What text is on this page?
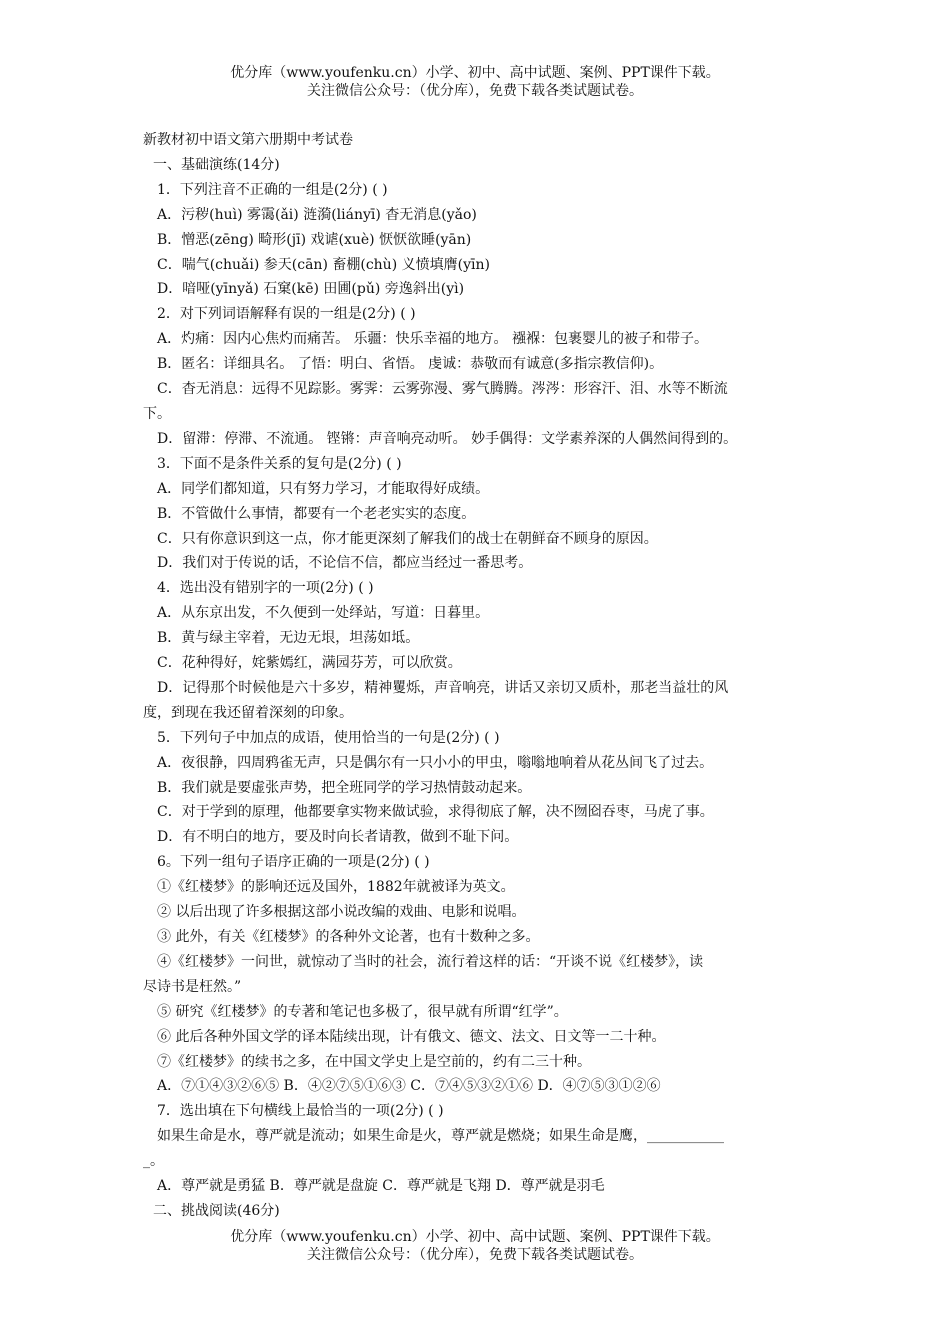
优分库（www.youfenku.cn）小学、初中、高中试题、案例、PPT课件下载。
关注微信公众号：（优分库），免费下载各类试题试卷。
新教材初中语文第六册期中考试卷
一、基础演练(14分)
1．下列注音不正确的一组是(2分) ( )
A．污秽(huì) 雾霭(ǎi) 涟漪(liányī) 杳无消息(yǎo)
B．憎恶(zēng) 畸形(jī) 戏谑(xuè) 恹恹欲睡(yān)
C．喘气(chuǎi) 参天(cān) 畜棚(chù) 义愤填膺(yīn)
D．喑哑(yīnyǎ) 石窠(kē) 田圃(pǔ) 旁逸斜出(yì)
2．对下列词语解释有误的一组是(2分) ( )
A．灼痛：因内心焦灼而痛苦。 乐疆：快乐幸福的地方。 襁褓：包裹婴儿的被子和带子。
B．匿名：详细具名。 了悟：明白、省悟。 虔诚：恭敬而有诚意(多指宗教信仰)。
C．杳无消息：远得不见踪影。雾霁：云雾弥漫、雾气腾腾。涔涔：形容汗、泪、水等不断流
下。
D．留滞：停滞、不流通。 铿锵：声音响亮动听。 妙手偶得：文学素养深的人偶然间得到的。
3．下面不是条件关系的复句是(2分) ( )
A．同学们都知道，只有努力学习，才能取得好成绩。
B．不管做什么事情，都要有一个老老实实的态度。
C．只有你意识到这一点，你才能更深刻了解我们的战士在朝鲜奋不顾身的原因。
D．我们对于传说的话，不论信不信，都应当经过一番思考。
4．选出没有错别字的一项(2分) ( )
A．从东京出发，不久便到一处绎站，写道：日暮里。
B．黄与绿主宰着，无边无垠，坦荡如坻。
C．花种得好，姹紫嫣红，满园芬芳，可以欣赏。
D．记得那个时候他是六十多岁，精神矍烁，声音响亮，讲话又亲切又质朴，那老当益壮的风
度，到现在我还留着深刻的印象。
5．下列句子中加点的成语，使用恰当的一句是(2分) ( )
A．夜很静，四周鸦雀无声，只是偶尔有一只小小的甲虫，嗡嗡地响着从花丛间飞了过去。
B．我们就是要虚张声势，把全班同学的学习热情鼓动起来。
C．对于学到的原理，他都要拿实物来做试验，求得彻底了解，决不囫囵吞枣，马虎了事。
D．有不明白的地方，要及时向长者请教，做到不耻下问。
6。下列一组句子语序正确的一项是(2分) ( )
①《红楼梦》的影响还远及国外，1882年就被译为英文。
② 以后出现了许多根据这部小说改编的戏曲、电影和说唱。
③ 此外，有关《红楼梦》的各种外文论著，也有十数种之多。
④《红楼梦》一问世，就惊动了当时的社会，流行着这样的话：“开谈不说《红楼梦》，读
尽诗书是枉然。”
⑤ 研究《红楼梦》的专著和笔记也多极了，很早就有所谓“红学”。
⑥ 此后各种外国文学的译本陆续出现，计有俄文、德文、法文、日文等一二十种。
⑦《红楼梦》的续书之多，在中国文学史上是空前的，约有二三十种。
A．⑦①④③②⑥⑤ B．④②⑦⑤①⑥③ C．⑦④⑤③②①⑥ D．④⑦⑤③①②⑥
7．选出填在下句横线上最恰当的一项(2分) ( )
如果生命是水，尊严就是流动；如果生命是火，尊严就是燃烧；如果生命是鹰，___________
_。
A．尊严就是勇猛 B．尊严就是盘旋 C．尊严就是飞翔 D．尊严就是羽毛
二、挑战阅读(46分)
优分库（www.youfenku.cn）小学、初中、高中试题、案例、PPT课件下载。
关注微信公众号：（优分库），免费下载各类试题试卷。
